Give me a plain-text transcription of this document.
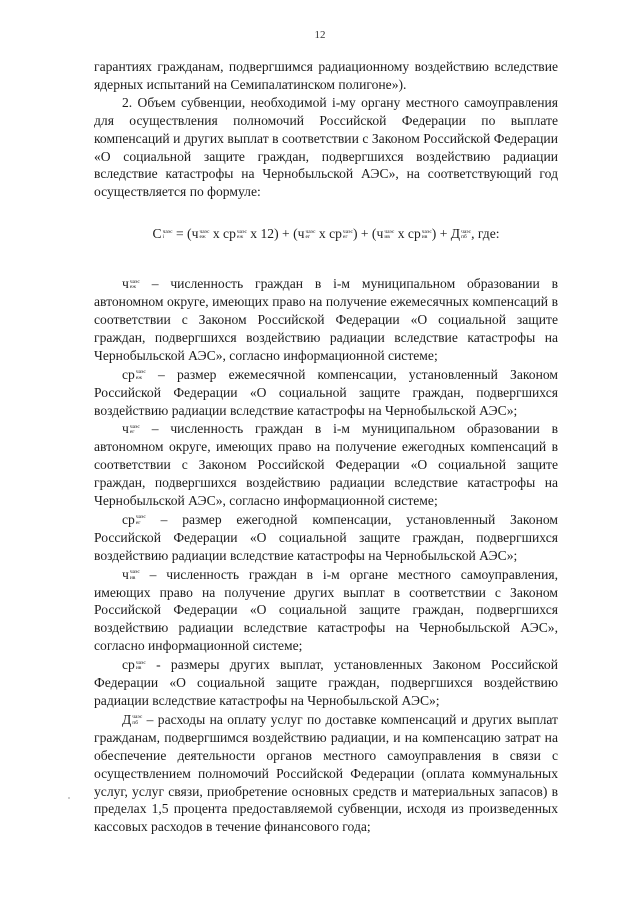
12

гарантиях гражданам, подвергшимся радиационному воздействию вследствие ядерных испытаний на Семипалатинском полигоне»).

2. Объем субвенции, необходимой i-му органу местного самоуправления для осуществления полномочий Российской Федерации по выплате компенсаций и других выплат в соответствии с Законом Российской Федерации «О социальной защите граждан, подвергшихся воздействию радиации вследствие катастрофы на Чернобыльской АЭС», на соответствующий год осуществляется по формуле:

C чаэс
i = (ч чаэс
еж x ср чаэс
еж x 12) + (ч чаэс
ег x ср чаэс
ег ) + (ч чаэс
ив x ср чаэс
ив ) + Д чаэс
пб , где:

ч чаэс
еж – численность граждан в i-м муниципальном образовании в автономном округе, имеющих право на получение ежемесячных компенсаций в соответствии с Законом Российской Федерации «О социальной защите граждан, подвергшихся воздействию радиации вследствие катастрофы на Чернобыльской АЭС», согласно информационной системе;

ср чаэс
еж – размер ежемесячной компенсации, установленный Законом Российской Федерации «О социальной защите граждан, подвергшихся воздействию радиации вследствие катастрофы на Чернобыльской АЭС»;

ч чаэс
ег – численность граждан в i-м муниципальном образовании в автономном округе, имеющих право на получение ежегодных компенсаций в соответствии с Законом Российской Федерации «О социальной защите граждан, подвергшихся воздействию радиации вследствие катастрофы на Чернобыльской АЭС», согласно информационной системе;

ср чаэс
ег – размер ежегодной компенсации, установленный Законом Российской Федерации «О социальной защите граждан, подвергшихся воздействию радиации вследствие катастрофы на Чернобыльской АЭС»;

ч чаэс
ив – численность граждан в i-м органе местного самоуправления, имеющих право на получение других выплат в соответствии с Законом Российской Федерации «О социальной защите граждан, подвергшихся воздействию радиации вследствие катастрофы на Чернобыльской АЭС», согласно информационной системе;

ср чаэс
ив - размеры других выплат, установленных Законом Российской Федерации «О социальной защите граждан, подвергшихся воздействию радиации вследствие катастрофы на Чернобыльской АЭС»;

Д чаэс
пб – расходы на оплату услуг по доставке компенсаций и других выплат гражданам, подвергшимся воздействию радиации, и на компенсацию затрат на обеспечение деятельности органов местного самоуправления в связи с осуществлением полномочий Российской Федерации (оплата коммунальных услуг, услуг связи, приобретение основных средств и материальных запасов) в пределах 1,5 процента предоставляемой субвенции, исходя из произведенных кассовых расходов в течение финансового года;
